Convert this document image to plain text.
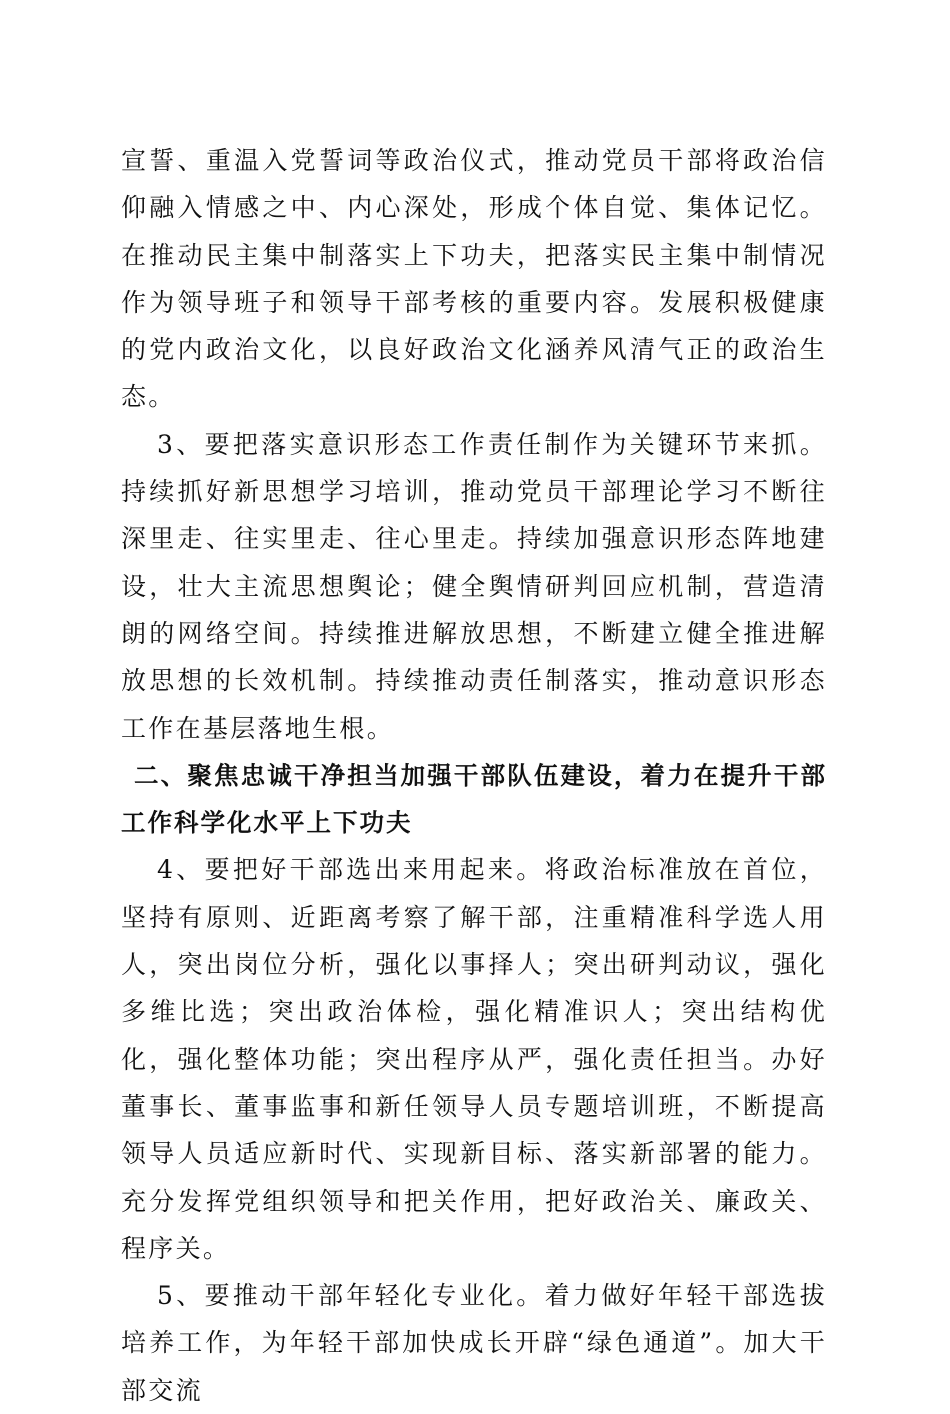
宣誓、重温入党誓词等政治仪式，推动党员干部将政治信仰融入情感之中、内心深处，形成个体自觉、集体记忆。在推动民主集中制落实上下功夫，把落实民主集中制情况作为领导班子和领导干部考核的重要内容。发展积极健康的党内政治文化，以良好政治文化涵养风清气正的政治生态。

3、要把落实意识形态工作责任制作为关键环节来抓。持续抓好新思想学习培训，推动党员干部理论学习不断往深里走、往实里走、往心里走。持续加强意识形态阵地建设，壮大主流思想舆论；健全舆情研判回应机制，营造清朗的网络空间。持续推进解放思想，不断建立健全推进解放思想的长效机制。持续推动责任制落实，推动意识形态工作在基层落地生根。

二、聚焦忠诚干净担当加强干部队伍建设，着力在提升干部工作科学化水平上下功夫

4、要把好干部选出来用起来。将政治标准放在首位，坚持有原则、近距离考察了解干部，注重精准科学选人用人，突出岗位分析，强化以事择人；突出研判动议，强化多维比选；突出政治体检，强化精准识人；突出结构优化，强化整体功能；突出程序从严，强化责任担当。办好董事长、董事监事和新任领导人员专题培训班，不断提高领导人员适应新时代、实现新目标、落实新部署的能力。充分发挥党组织领导和把关作用，把好政治关、廉政关、程序关。

5、要推动干部年轻化专业化。着力做好年轻干部选拔培养工作，为年轻干部加快成长开辟“绿色通道”。加大干部交流
